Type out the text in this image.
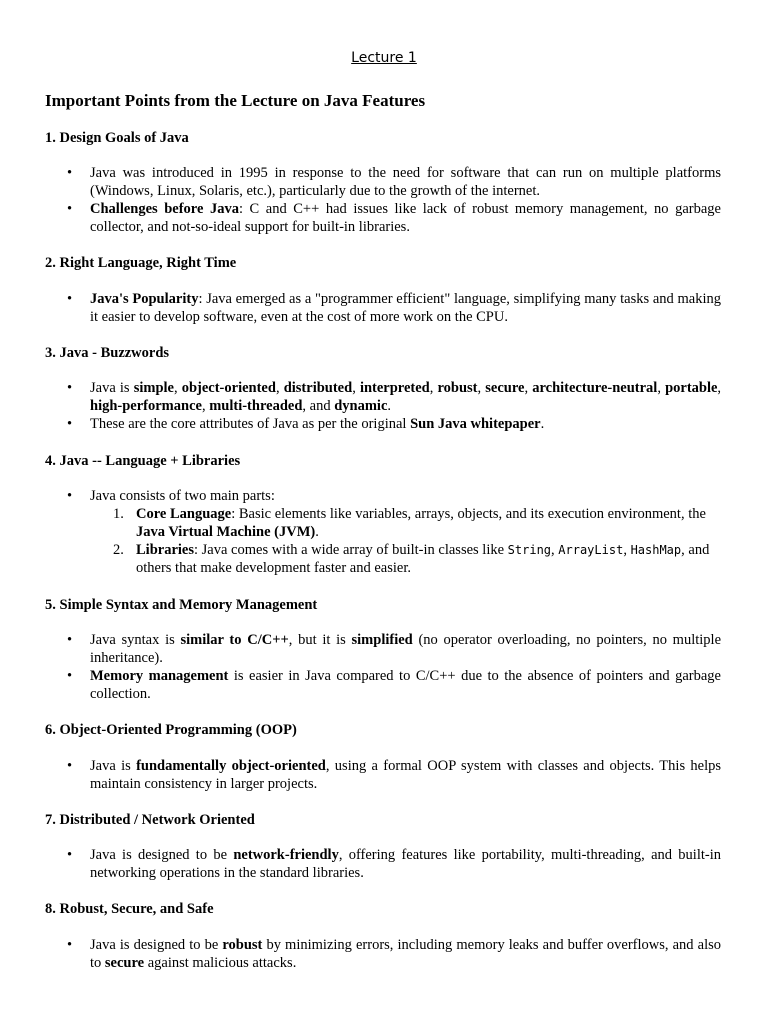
Lecture 1
Important Points from the Lecture on Java Features
1. Design Goals of Java
• Java was introduced in 1995 in response to the need for software that can run on multiple platforms (Windows, Linux, Solaris, etc.), particularly due to the growth of the internet.
• Challenges before Java: C and C++ had issues like lack of robust memory management, no garbage collector, and not-so-ideal support for built-in libraries.
2. Right Language, Right Time
• Java's Popularity: Java emerged as a "programmer efficient" language, simplifying many tasks and making it easier to develop software, even at the cost of more work on the CPU.
3. Java - Buzzwords
• Java is simple, object-oriented, distributed, interpreted, robust, secure, architecture-neutral, portable, high-performance, multi-threaded, and dynamic.
• These are the core attributes of Java as per the original Sun Java whitepaper.
4. Java -- Language + Libraries
• Java consists of two main parts:
1. Core Language: Basic elements like variables, arrays, objects, and its execution environment, the Java Virtual Machine (JVM).
2. Libraries: Java comes with a wide array of built-in classes like String, ArrayList, HashMap, and others that make development faster and easier.
5. Simple Syntax and Memory Management
• Java syntax is similar to C/C++, but it is simplified (no operator overloading, no pointers, no multiple inheritance).
• Memory management is easier in Java compared to C/C++ due to the absence of pointers and garbage collection.
6. Object-Oriented Programming (OOP)
• Java is fundamentally object-oriented, using a formal OOP system with classes and objects. This helps maintain consistency in larger projects.
7. Distributed / Network Oriented
• Java is designed to be network-friendly, offering features like portability, multi-threading, and built-in networking operations in the standard libraries.
8. Robust, Secure, and Safe
• Java is designed to be robust by minimizing errors, including memory leaks and buffer overflows, and also to secure against malicious attacks.
